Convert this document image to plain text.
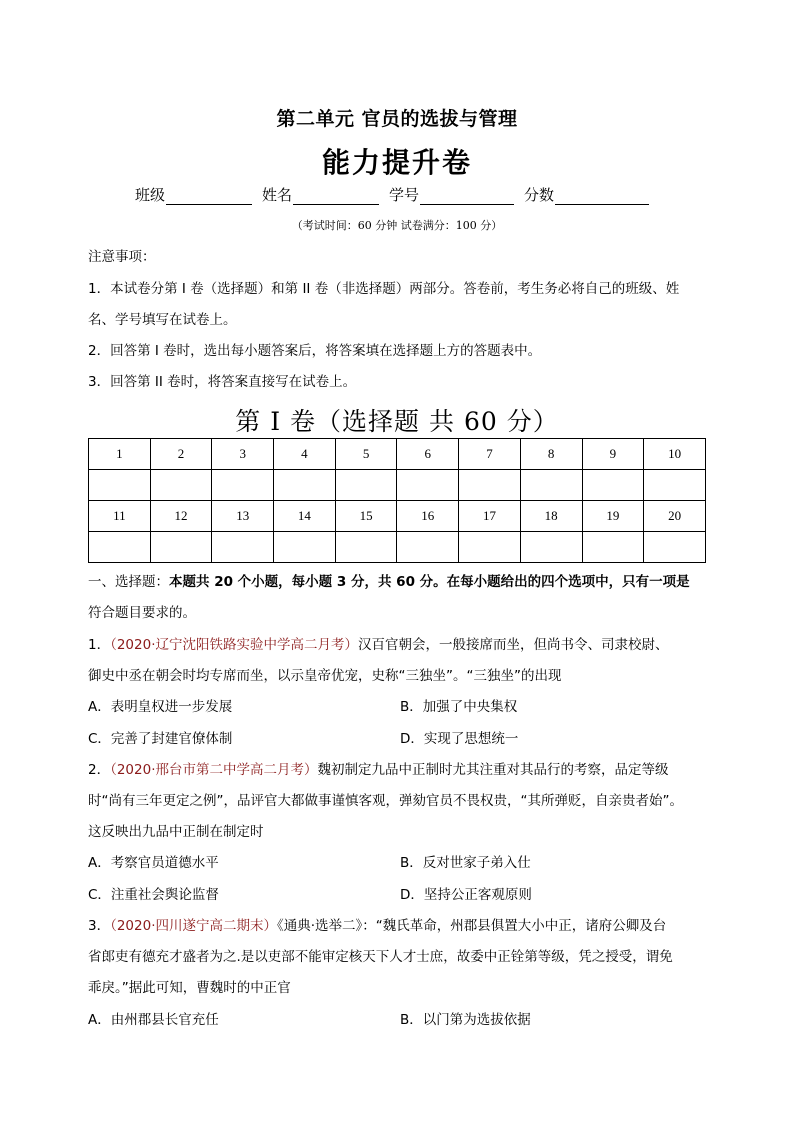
第二单元 官员的选拔与管理
能力提升卷
班级	姓名	学号	分数
（考试时间：60 分钟 试卷满分：100 分）
注意事项：
1．本试卷分第 I 卷（选择题）和第 II 卷（非选择题）两部分。答卷前，考生务必将自己的班级、姓
名、学号填写在试卷上。
2．回答第 I 卷时，选出每小题答案后，将答案填在选择题上方的答题表中。
3．回答第 II 卷时，将答案直接写在试卷上。
第 I 卷（选择题 共 60 分）
1	2	3	4	5	6	7	8	9	10

11	12	13	14	15	16	17	18	19	20

一、选择题：本题共 20 个小题，每小题 3 分，共 60 分。在每小题给出的四个选项中，只有一项是
符合题目要求的。
1．（2020·辽宁沈阳铁路实验中学高二月考）汉百官朝会，一般接席而坐，但尚书令、司隶校尉、
御史中丞在朝会时均专席而坐，以示皇帝优宠，史称“三独坐”。“三独坐”的出现
A．表明皇权进一步发展	B．加强了中央集权
C．完善了封建官僚体制	D．实现了思想统一
2．（2020·邢台市第二中学高二月考）魏初制定九品中正制时尤其注重对其品行的考察，品定等级
时“尚有三年更定之例”，品评官大都做事谨慎客观，弹劾官员不畏权贵，“其所弹贬，自亲贵者始”。
这反映出九品中正制在制定时
A．考察官员道德水平	B．反对世家子弟入仕
C．注重社会舆论监督	D．坚持公正客观原则
3．（2020·四川遂宁高二期末）《通典·选举二》：“魏氏革命，州郡县俱置大小中正，诸府公卿及台
省郎吏有德充才盛者为之.是以吏部不能审定核天下人才士庶，故委中正铨第等级，凭之授受，谓免
乖戾。”据此可知，曹魏时的中正官
A．由州郡县长官充任	B．以门第为选拔依据
